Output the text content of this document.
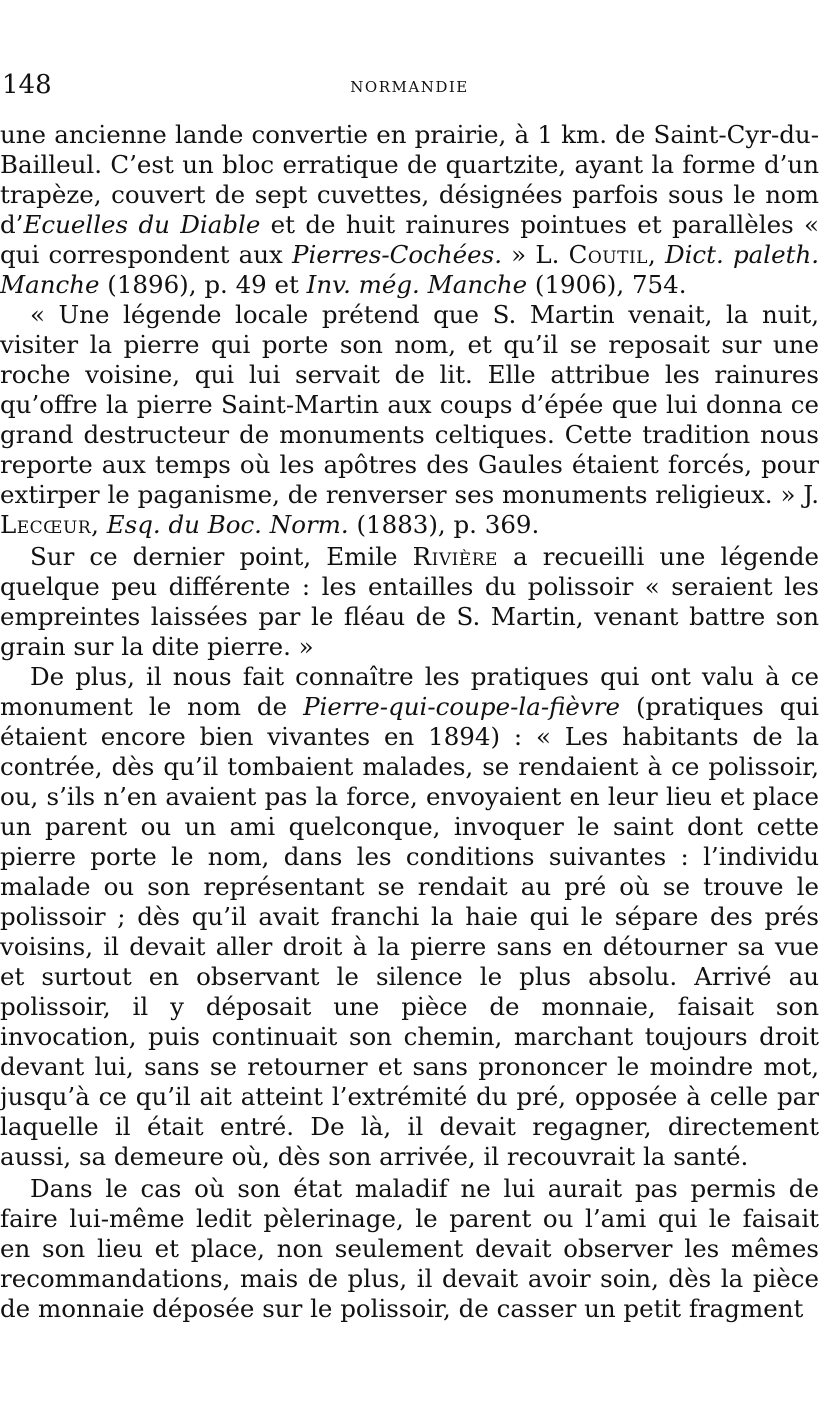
148	NORMANDIE

une ancienne lande convertie en prairie, à 1 km. de Saint-Cyr-du-Bailleul. C’est un bloc erratique de quartzite, ayant la forme d’un trapèze, couvert de sept cuvettes, désignées parfois sous le nom d’Ecuelles du Diable et de huit rainures pointues et parallèles « qui correspondent aux Pierres-Cochées. » L. Coutil, Dict. paleth. Manche (1896), p. 49 et Inv. még. Manche (1906), 754.

« Une légende locale prétend que S. Martin venait, la nuit, visiter la pierre qui porte son nom, et qu’il se reposait sur une roche voisine, qui lui servait de lit. Elle attribue les rainures qu’offre la pierre Saint-Martin aux coups d’épée que lui donna ce grand destructeur de monuments celtiques. Cette tradition nous reporte aux temps où les apôtres des Gaules étaient forcés, pour extirper le paganisme, de renverser ses monuments religieux. » J. Lecœur, Esq. du Boc. Norm. (1883), p. 369.

Sur ce dernier point, Emile Rivière a recueilli une légende quelque peu différente : les entailles du polissoir « seraient les empreintes laissées par le fléau de S. Martin, venant battre son grain sur la dite pierre. »

De plus, il nous fait connaître les pratiques qui ont valu à ce monument le nom de Pierre-qui-coupe-la-fièvre (pratiques qui étaient encore bien vivantes en 1894) : « Les habitants de la contrée, dès qu’il tombaient malades, se rendaient à ce polissoir, ou, s’ils n’en avaient pas la force, envoyaient en leur lieu et place un parent ou un ami quelconque, invoquer le saint dont cette pierre porte le nom, dans les conditions suivantes : l’individu malade ou son représentant se rendait au pré où se trouve le polissoir ; dès qu’il avait franchi la haie qui le sépare des prés voisins, il devait aller droit à la pierre sans en détourner sa vue et surtout en observant le silence le plus absolu. Arrivé au polissoir, il y déposait une pièce de monnaie, faisait son invocation, puis continuait son chemin, marchant toujours droit devant lui, sans se retourner et sans prononcer le moindre mot, jusqu’à ce qu’il ait atteint l’extrémité du pré, opposée à celle par laquelle il était entré. De là, il devait regagner, directement aussi, sa demeure où, dès son arrivée, il recouvrait la santé.

Dans le cas où son état maladif ne lui aurait pas permis de faire lui-même ledit pèlerinage, le parent ou l’ami qui le faisait en son lieu et place, non seulement devait observer les mêmes recommandations, mais de plus, il devait avoir soin, dès la pièce de monnaie déposée sur le polissoir, de casser un petit fragment
